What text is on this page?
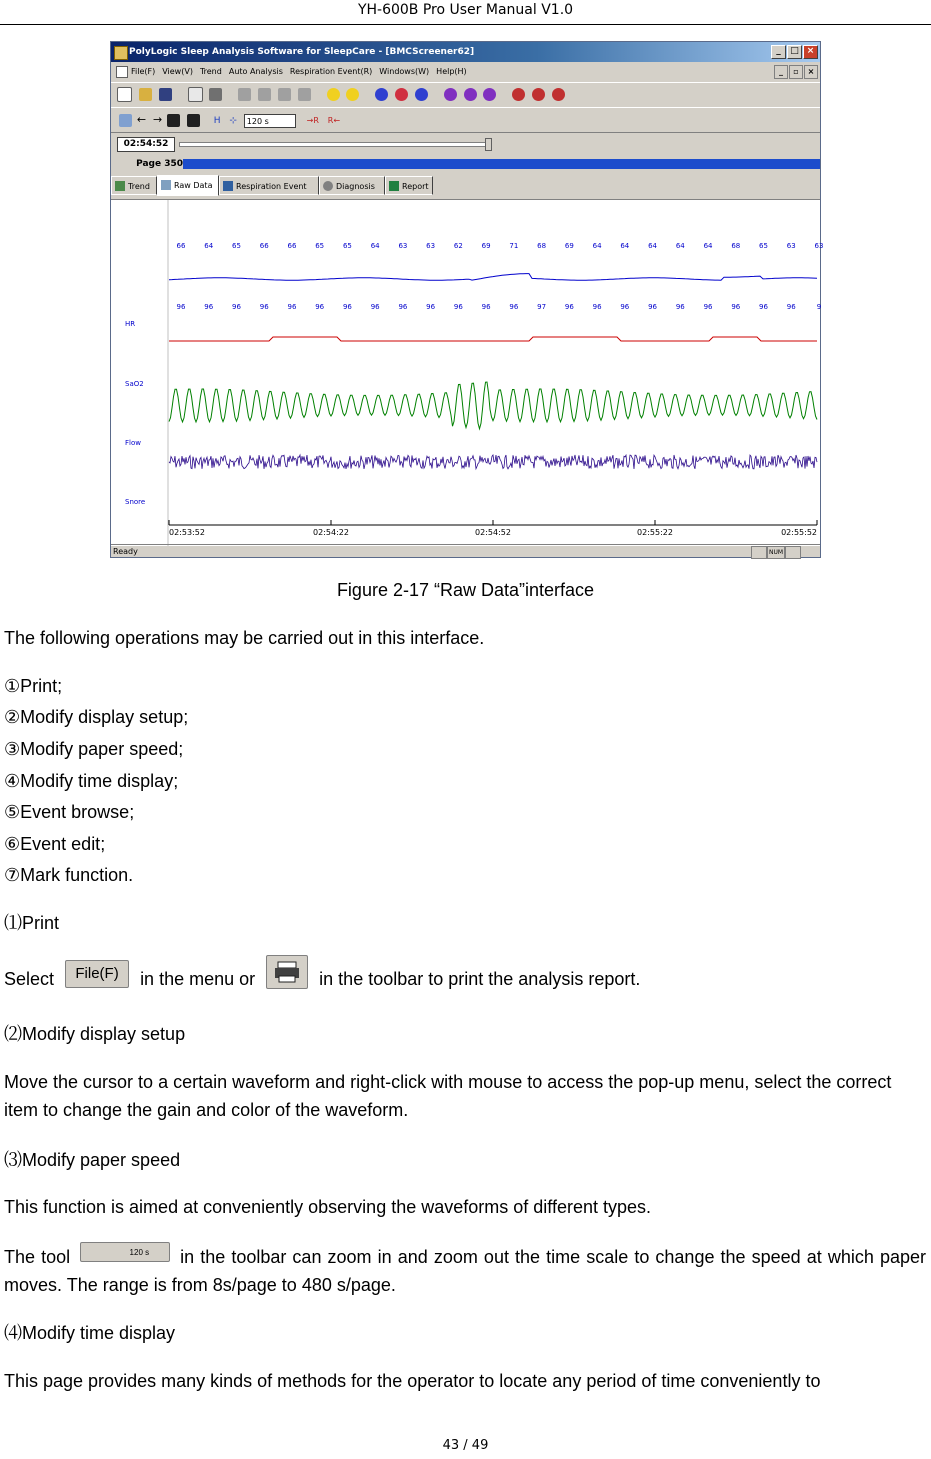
YH-600B Pro User Manual V1.0
PolyLogic Sleep Analysis Software for SleepCare - [BMCScreener62]	_	□ ×
File(F) View(V) Trend Auto Analysis Respiration Event(R) Windows(W) Help(H)	_ ▫ ×

← →	H ⊹ 120 s	→R R←
02:54:52
Page 350
Trend	Raw Data	Respiration Event	Diagnosis	Report
HR
SaO2
Flow
Snore
66	64	65	66	66	65	65	64	63	63	62	69	71	68	69	64	64	64	64	64	68	65	63	63
96	96	96	96	96	96	96	96	96	96	96	96	96	97	96	96	96	96	96	96	96	96	96	9
02:53:52	02:54:22	02:54:52	02:55:22	02:55:52
Ready	NUM
Figure 2-17 “Raw Data”interface
The following operations may be carried out in this interface.
①Print;
②Modify display setup;
③Modify paper speed;
④Modify time display;
⑤Event browse;
⑥Event edit;
⑦Mark function.
⑴Print
Select File(F) in the menu or	in the toolbar to print the analysis report.
⑵Modify display setup
Move the cursor to a certain waveform and right-click with mouse to access the pop-up menu, select the correct item to change the gain and color of the waveform.
⑶Modify paper speed
This function is aimed at conveniently observing the waveforms of different types.
The tool	120 s in the toolbar can zoom in and zoom out the time scale to change the speed at which paper moves. The range is from 8s/page to 480 s/page.
⑷Modify time display
This page provides many kinds of methods for the operator to locate any period of time conveniently to
43 / 49
